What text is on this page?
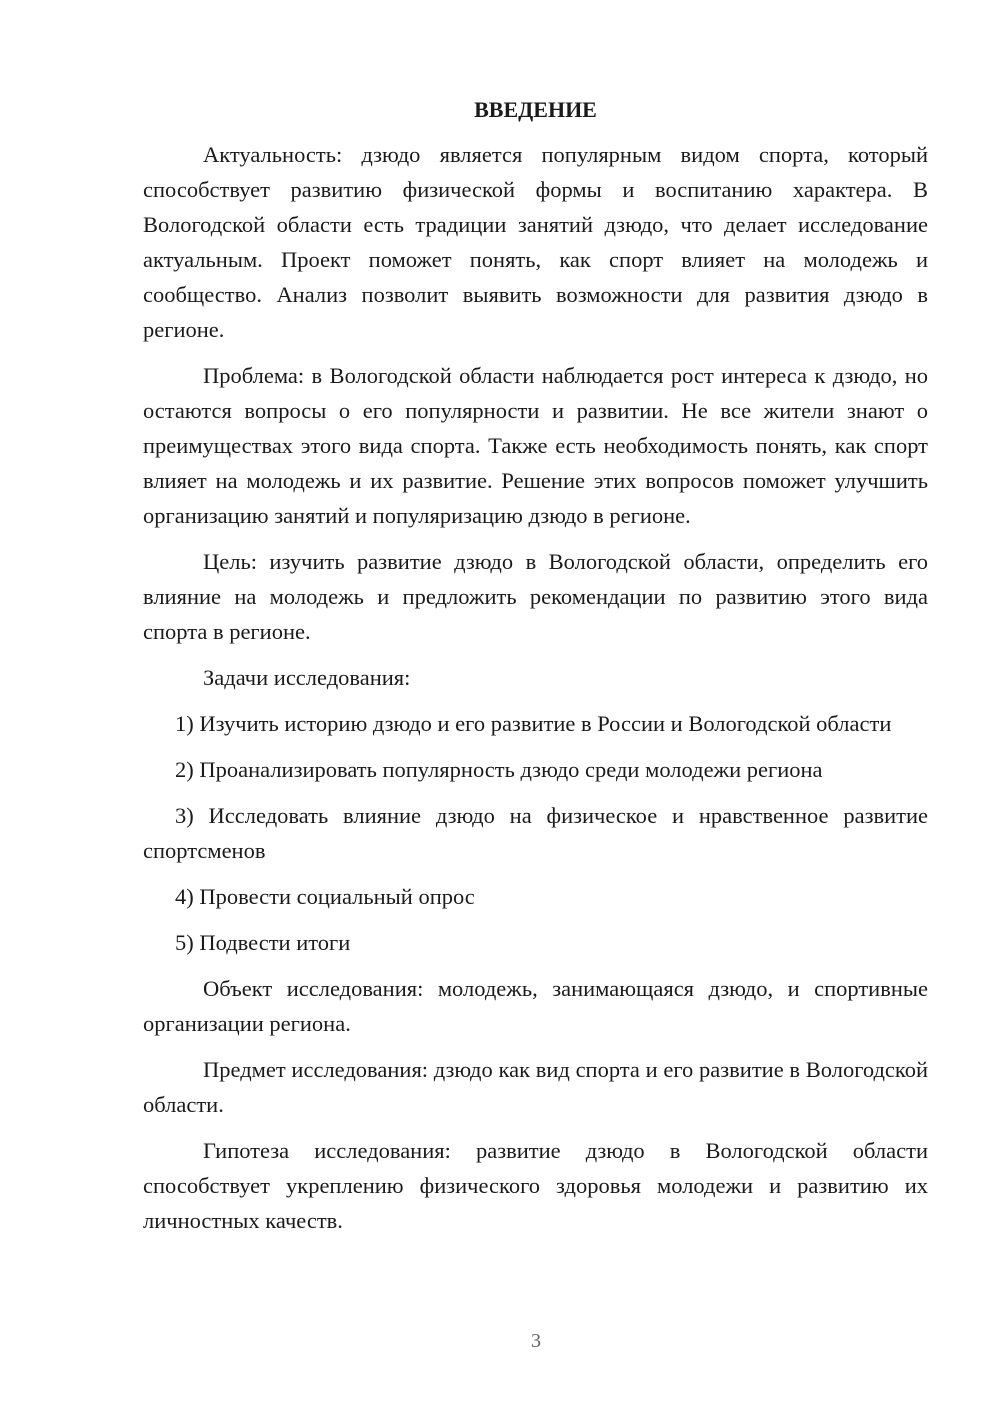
ВВЕДЕНИЕ

Актуальность: дзюдо является популярным видом спорта, который способствует развитию физической формы и воспитанию характера. В Вологодской области есть традиции занятий дзюдо, что делает исследование актуальным. Проект поможет понять, как спорт влияет на молодежь и сообщество. Анализ позволит выявить возможности для развития дзюдо в регионе.

Проблема: в Вологодской области наблюдается рост интереса к дзюдо, но остаются вопросы о его популярности и развитии. Не все жители знают о преимуществах этого вида спорта. Также есть необходимость понять, как спорт влияет на молодежь и их развитие. Решение этих вопросов поможет улучшить организацию занятий и популяризацию дзюдо в регионе.

Цель: изучить развитие дзюдо в Вологодской области, определить его влияние на молодежь и предложить рекомендации по развитию этого вида спорта в регионе.

Задачи исследования:

1) Изучить историю дзюдо и его развитие в России и Вологодской области

2) Проанализировать популярность дзюдо среди молодежи региона

3) Исследовать влияние дзюдо на физическое и нравственное развитие спортсменов

4) Провести социальный опрос

5) Подвести итоги

Объект исследования: молодежь, занимающаяся дзюдо, и спортивные организации региона.

Предмет исследования: дзюдо как вид спорта и его развитие в Вологодской области.

Гипотеза исследования: развитие дзюдо в Вологодской области способствует укреплению физического здоровья молодежи и развитию их личностных качеств.

3
